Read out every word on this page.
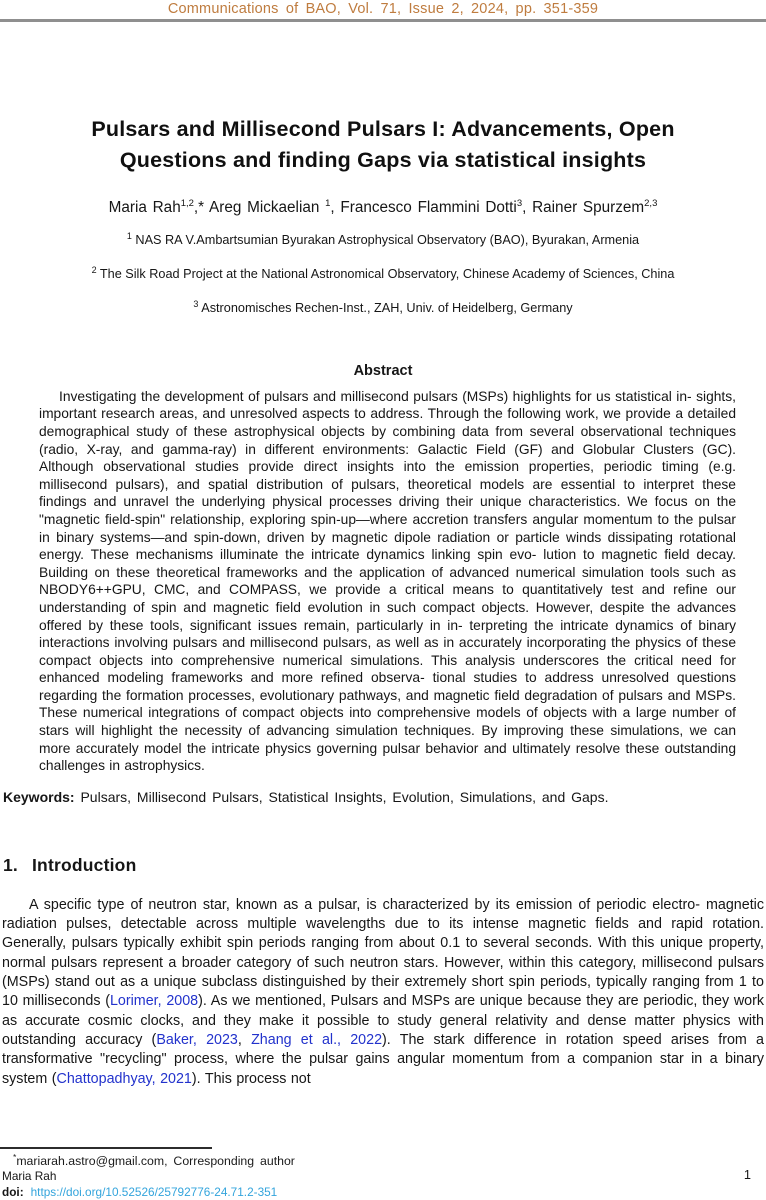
Communications of BAO, Vol. 71, Issue 2, 2024, pp. 351-359
Pulsars and Millisecond Pulsars I: Advancements, Open
Questions and finding Gaps via statistical insights
Maria Rah$^{1,2}$,* Areg Mickaelian $^1$, Francesco Flammini Dotti$^3$, Rainer Spurzem$^{2,3}$
$^1$ NAS RA V.Ambartsumian Byurakan Astrophysical Observatory (BAO), Byurakan, Armenia
$^2$ The Silk Road Project at the National Astronomical Observatory, Chinese Academy of Sciences, China
$^3$ Astronomisches Rechen-Inst., ZAH, Univ. of Heidelberg, Germany
Abstract

Investigating the development of pulsars and millisecond pulsars (MSPs) highlights for us statistical in- sights, important research areas, and unresolved aspects to address. Through the following work, we provide a detailed demographical study of these astrophysical objects by combining data from several observational techniques (radio, X-ray, and gamma-ray) in different environments: Galactic Field (GF) and Globular Clusters (GC). Although observational studies provide direct insights into the emission properties, periodic timing (e.g. millisecond pulsars), and spatial distribution of pulsars, theoretical models are essential to interpret these findings and unravel the underlying physical processes driving their unique characteristics. We focus on the "magnetic field-spin" relationship, exploring spin-up—where accretion transfers angular momentum to the pulsar in binary systems—and spin-down, driven by magnetic dipole radiation or particle winds dissipating rotational energy. These mechanisms illuminate the intricate dynamics linking spin evo- lution to magnetic field decay. Building on these theoretical frameworks and the application of advanced numerical simulation tools such as NBODY6++GPU, CMC, and COMPASS, we provide a critical means to quantitatively test and refine our understanding of spin and magnetic field evolution in such compact objects. However, despite the advances offered by these tools, significant issues remain, particularly in in- terpreting the intricate dynamics of binary interactions involving pulsars and millisecond pulsars, as well as in accurately incorporating the physics of these compact objects into comprehensive numerical simulations. This analysis underscores the critical need for enhanced modeling frameworks and more refined observa- tional studies to address unresolved questions regarding the formation processes, evolutionary pathways, and magnetic field degradation of pulsars and MSPs. These numerical integrations of compact objects into comprehensive models of objects with a large number of stars will highlight the necessity of advancing simulation techniques. By improving these simulations, we can more accurately model the intricate physics governing pulsar behavior and ultimately resolve these outstanding challenges in astrophysics.

Keywords: Pulsars, Millisecond Pulsars, Statistical Insights, Evolution, Simulations, and Gaps.

1. Introduction

A specific type of neutron star, known as a pulsar, is characterized by its emission of periodic electro- magnetic radiation pulses, detectable across multiple wavelengths due to its intense magnetic fields and rapid rotation. Generally, pulsars typically exhibit spin periods ranging from about 0.1 to several seconds. With this unique property, normal pulsars represent a broader category of such neutron stars. However, within this category, millisecond pulsars (MSPs) stand out as a unique subclass distinguished by their extremely short spin periods, typically ranging from 1 to 10 milliseconds (Lorimer, 2008). As we mentioned, Pulsars and MSPs are unique because they are periodic, they work as accurate cosmic clocks, and they make it possible to study general relativity and dense matter physics with outstanding accuracy (Baker, 2023, Zhang et al., 2022). The stark difference in rotation speed arises from a transformative "recycling" process, where the pulsar gains angular momentum from a companion star in a binary system (Chattopadhyay, 2021). This process not

*mariarah.astro@gmail.com, Corresponding author
Maria Rah
doi: https://doi.org/10.52526/25792776-24.71.2-351
1
